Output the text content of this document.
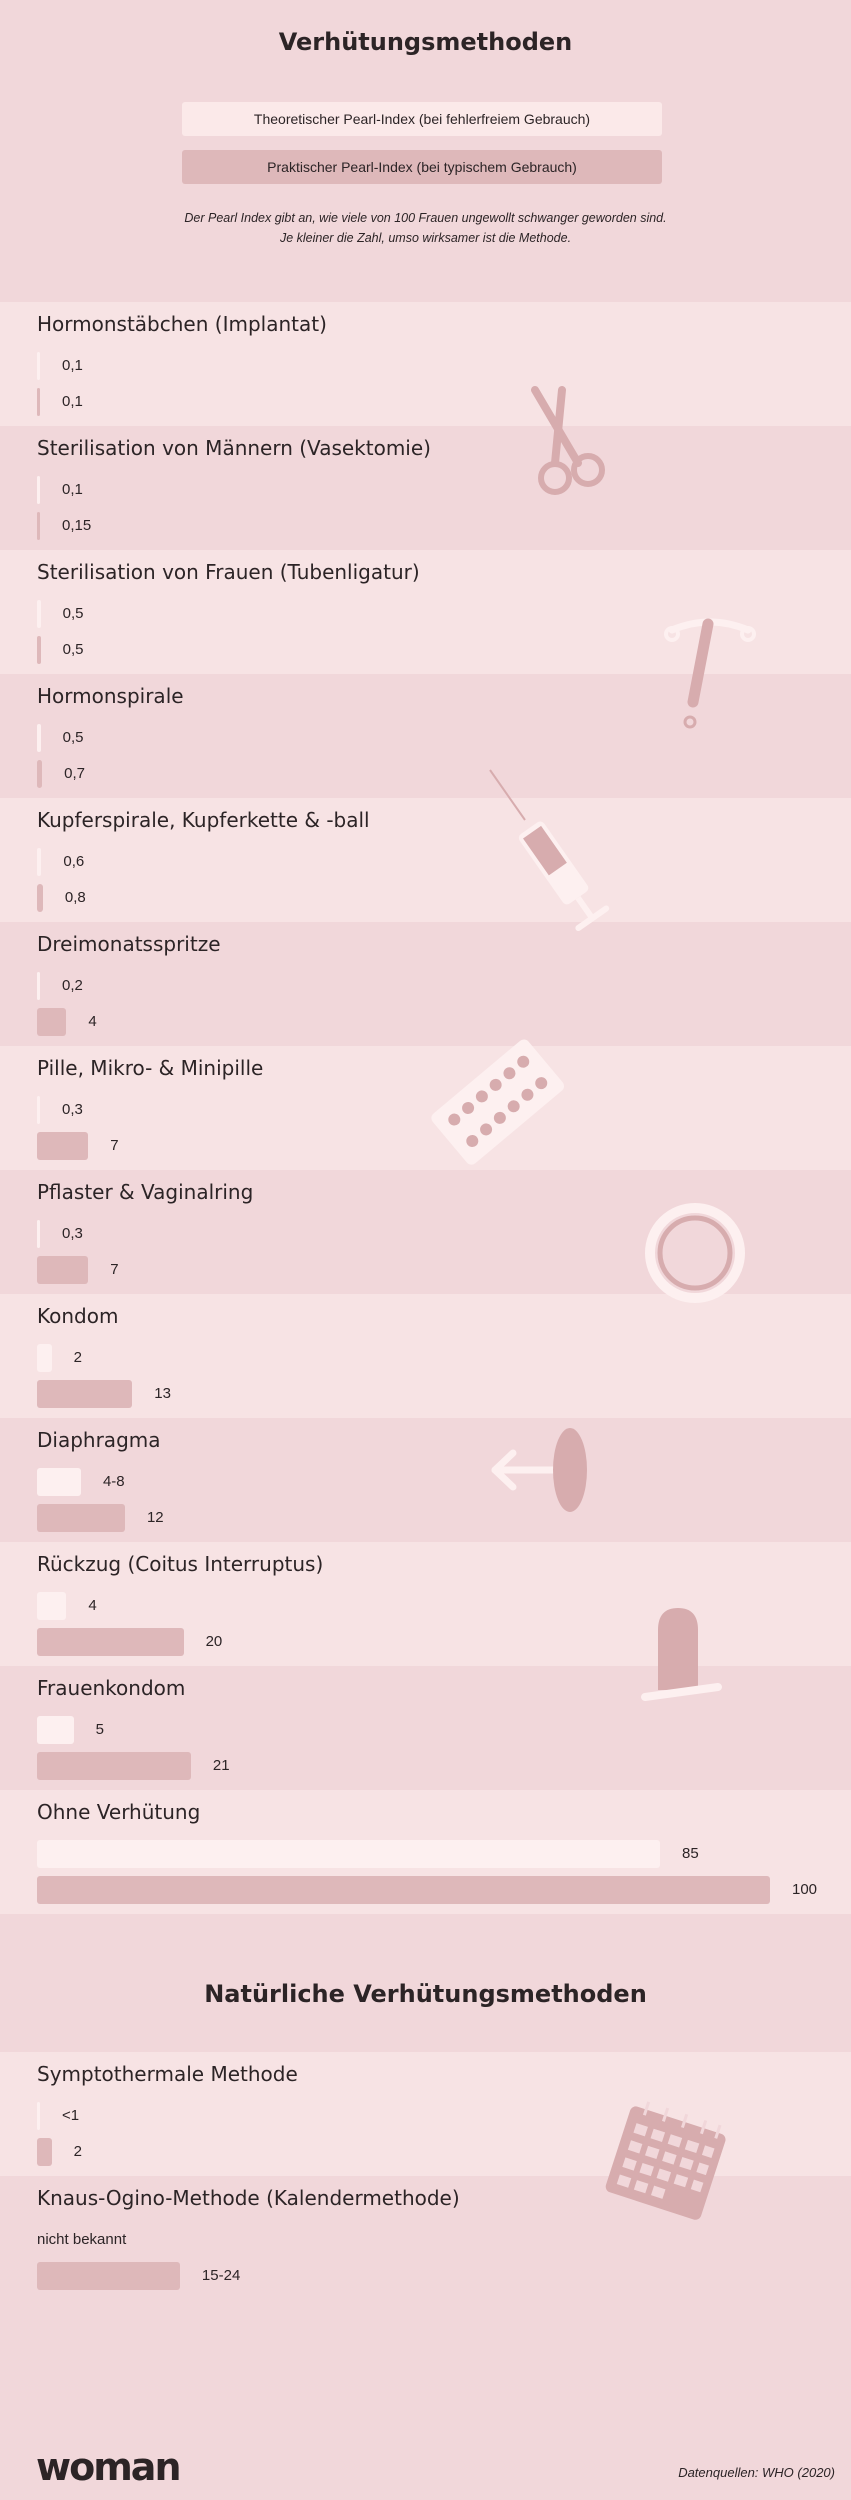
Verhütungsmethoden
Theoretischer Pearl-Index (bei fehlerfreiem Gebrauch)
Praktischer Pearl-Index (bei typischem Gebrauch)
Der Pearl Index gibt an, wie viele von 100 Frauen ungewollt schwanger geworden sind.
Je kleiner die Zahl, umso wirksamer ist die Methode.
Hormonstäbchen (Implantat)
0,1
0,1
Sterilisation von Männern (Vasektomie)
0,1
0,15
Sterilisation von Frauen (Tubenligatur)
0,5
0,5
Hormonspirale
0,5
0,7
Kupferspirale, Kupferkette & -ball
0,6
0,8
Dreimonatsspritze
0,2
4
Pille, Mikro- & Minipille
0,3
7
Pflaster & Vaginalring
0,3
7
Kondom
2
13
Diaphragma
4-8
12
Rückzug (Coitus Interruptus)
4
20
Frauenkondom
5
21
Ohne Verhütung
85
100
Natürliche Verhütungsmethoden
Symptothermale Methode
<1
2
Knaus-Ogino-Methode (Kalendermethode)
nicht bekannt
15-24
woman	Datenquellen: WHO (2020)
